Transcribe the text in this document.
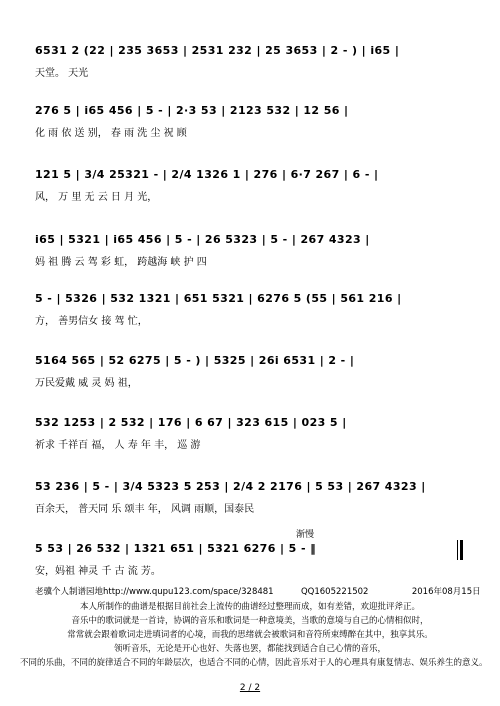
6531 2 (22 | 235 3653 | 2531 232 | 25 3653 | 2 - ) | i65 |
天堂。 天光
276 5 | i65 456 | 5 - | 2·3 53 | 2123 532 | 12 56 |
化 雨 依 送 别， 春 雨 洗 尘 祝 顾
121 5 | 3/4 25321 - | 2/4 1326 1 | 276 | 6·7 267 | 6 - |
风， 万 里 无 云 日 月 光，
i65 | 5321 | i65 456 | 5 - | 26 5323 | 5 - | 267 4323 |
妈 祖 腾 云 驾 彩 虹， 跨越海 峡 护 四
5 - | 5326 | 532 1321 | 651 5321 | 6276 5 (55 | 561 216 |
方， 善男信女 接 驾 忙，
5164 565 | 52 6275 | 5 - ) | 5325 | 26i 6531 | 2 - |
万民爱戴 威 灵 妈 祖，
532 1253 | 2 532 | 176 | 6 67 | 323 615 | 023 5 |
祈求 千祥百 福， 人 寿 年 丰， 巡 游
53 236 | 5 - | 3/4 5323 5 253 | 2/4 2 2176 | 5 53 | 267 4323 |
百余天， 普天同 乐 颂丰 年， 风调 雨顺，国泰民
渐慢
5 53 | 26 532 | 1321 651 | 5321 6276 | 5 - ‖
安，妈祖 神灵 千 古 流 芳。
老骥个人制谱园地http://www.qupu123.com/space/328481	QQ1605221502	2016年08月15日
本人所制作的曲谱是根据目前社会上流传的曲谱经过整理而成，如有差错，欢迎批评斧正。
音乐中的歌词就是一首诗，协调的音乐和歌词是一种意境美，当歌的意境与自己的心情相似时，
常常就会跟着歌词走进填词者的心境，而我的思绪就会被歌词和音符所束缚醉在其中，独享其乐。
领听音乐，无论是开心也好、失落也罢，都能找到适合自己心情的音乐，
不同的乐曲，不同的旋律适合不同的年龄层次，也适合不同的心情，因此音乐对于人的心理具有康复情志、娱乐养生的意义。
2 / 2
